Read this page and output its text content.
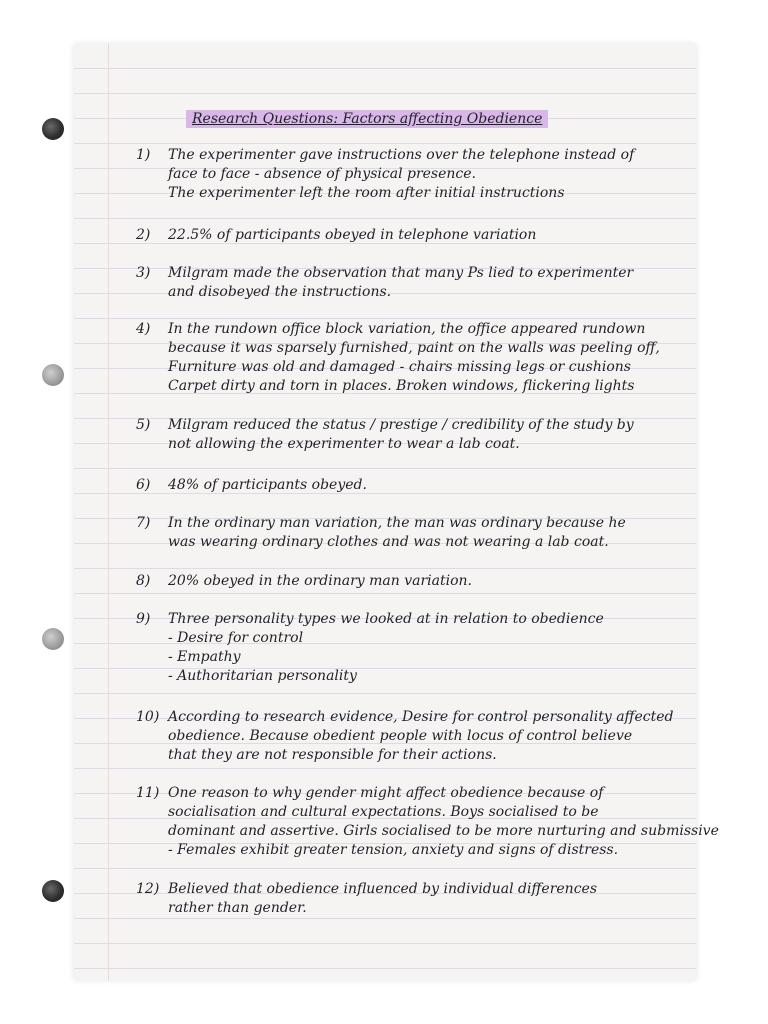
Research Questions: Factors affecting Obedience
1)	The experimenter gave instructions over the telephone instead of
face to face - absence of physical presence.
The experimenter left the room after initial instructions
2)	22.5% of participants obeyed in telephone variation
3)	Milgram made the observation that many Ps lied to experimenter
and disobeyed the instructions.
4)	In the rundown office block variation, the office appeared rundown
because it was sparsely furnished, paint on the walls was peeling off,
Furniture was old and damaged - chairs missing legs or cushions
Carpet dirty and torn in places. Broken windows, flickering lights
5)	Milgram reduced the status / prestige / credibility of the study by
not allowing the experimenter to wear a lab coat.
6)	48% of participants obeyed.
7)	In the ordinary man variation, the man was ordinary because he
was wearing ordinary clothes and was not wearing a lab coat.
8)	20% obeyed in the ordinary man variation.
9)	Three personality types we looked at in relation to obedience
- Desire for control
- Empathy
- Authoritarian personality
10) According to research evidence, Desire for control personality affected
obedience. Because obedient people with locus of control believe
that they are not responsible for their actions.
11) One reason to why gender might affect obedience because of
socialisation and cultural expectations. Boys socialised to be
dominant and assertive. Girls socialised to be more nurturing and submissive
- Females exhibit greater tension, anxiety and signs of distress.
12) Believed that obedience influenced by individual differences
rather than gender.
